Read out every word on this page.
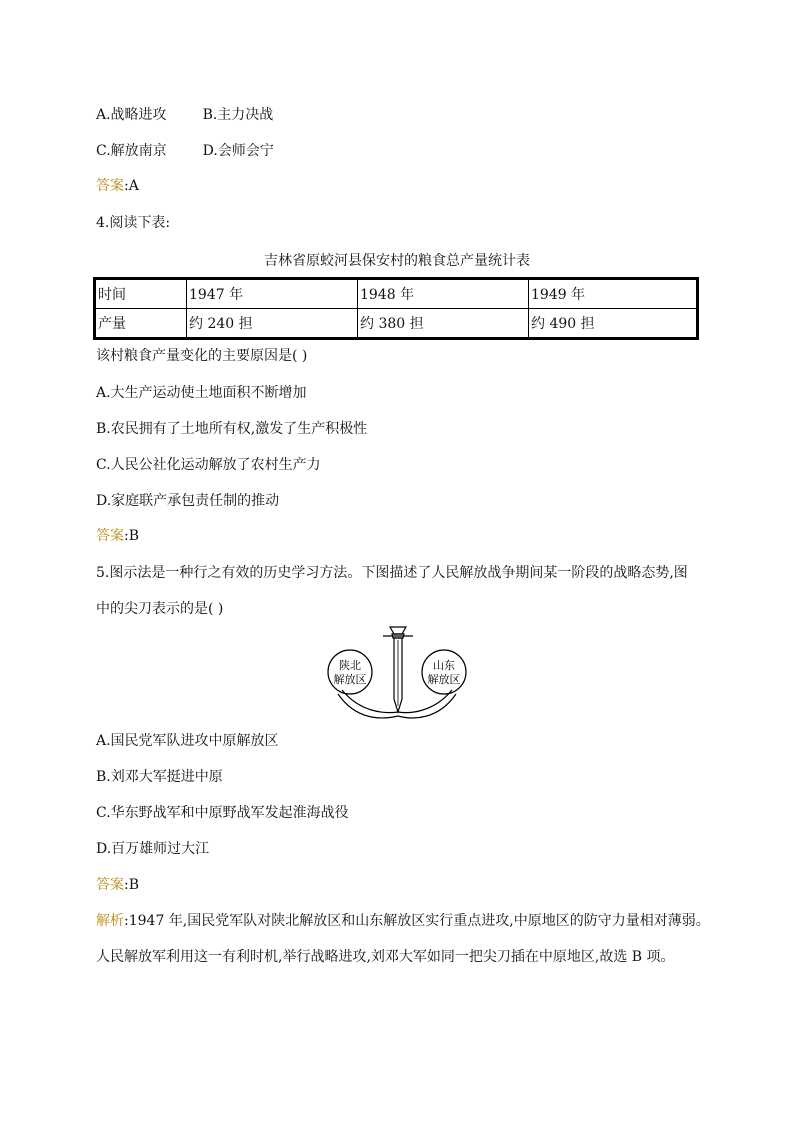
A.战略进攻	B.主力决战
C.解放南京	D.会师会宁
答案:A
4.阅读下表:
吉林省原蛟河县保安村的粮食总产量统计表
时间	1947 年	1948 年	1949 年
产量	约 240 担	约 380 担	约 490 担
该村粮食产量变化的主要原因是( )
A.大生产运动使土地面积不断增加
B.农民拥有了土地所有权,激发了生产积极性
C.人民公社化运动解放了农村生产力
D.家庭联产承包责任制的推动
答案:B
5.图示法是一种行之有效的历史学习方法。下图描述了人民解放战争期间某一阶段的战略态势,图
中的尖刀表示的是( )
陕北
解放区
山东
解放区
A.国民党军队进攻中原解放区
B.刘邓大军挺进中原
C.华东野战军和中原野战军发起淮海战役
D.百万雄师过大江
答案:B
解析:1947 年,国民党军队对陕北解放区和山东解放区实行重点进攻,中原地区的防守力量相对薄弱。
人民解放军利用这一有利时机,举行战略进攻,刘邓大军如同一把尖刀插在中原地区,故选 B 项。
